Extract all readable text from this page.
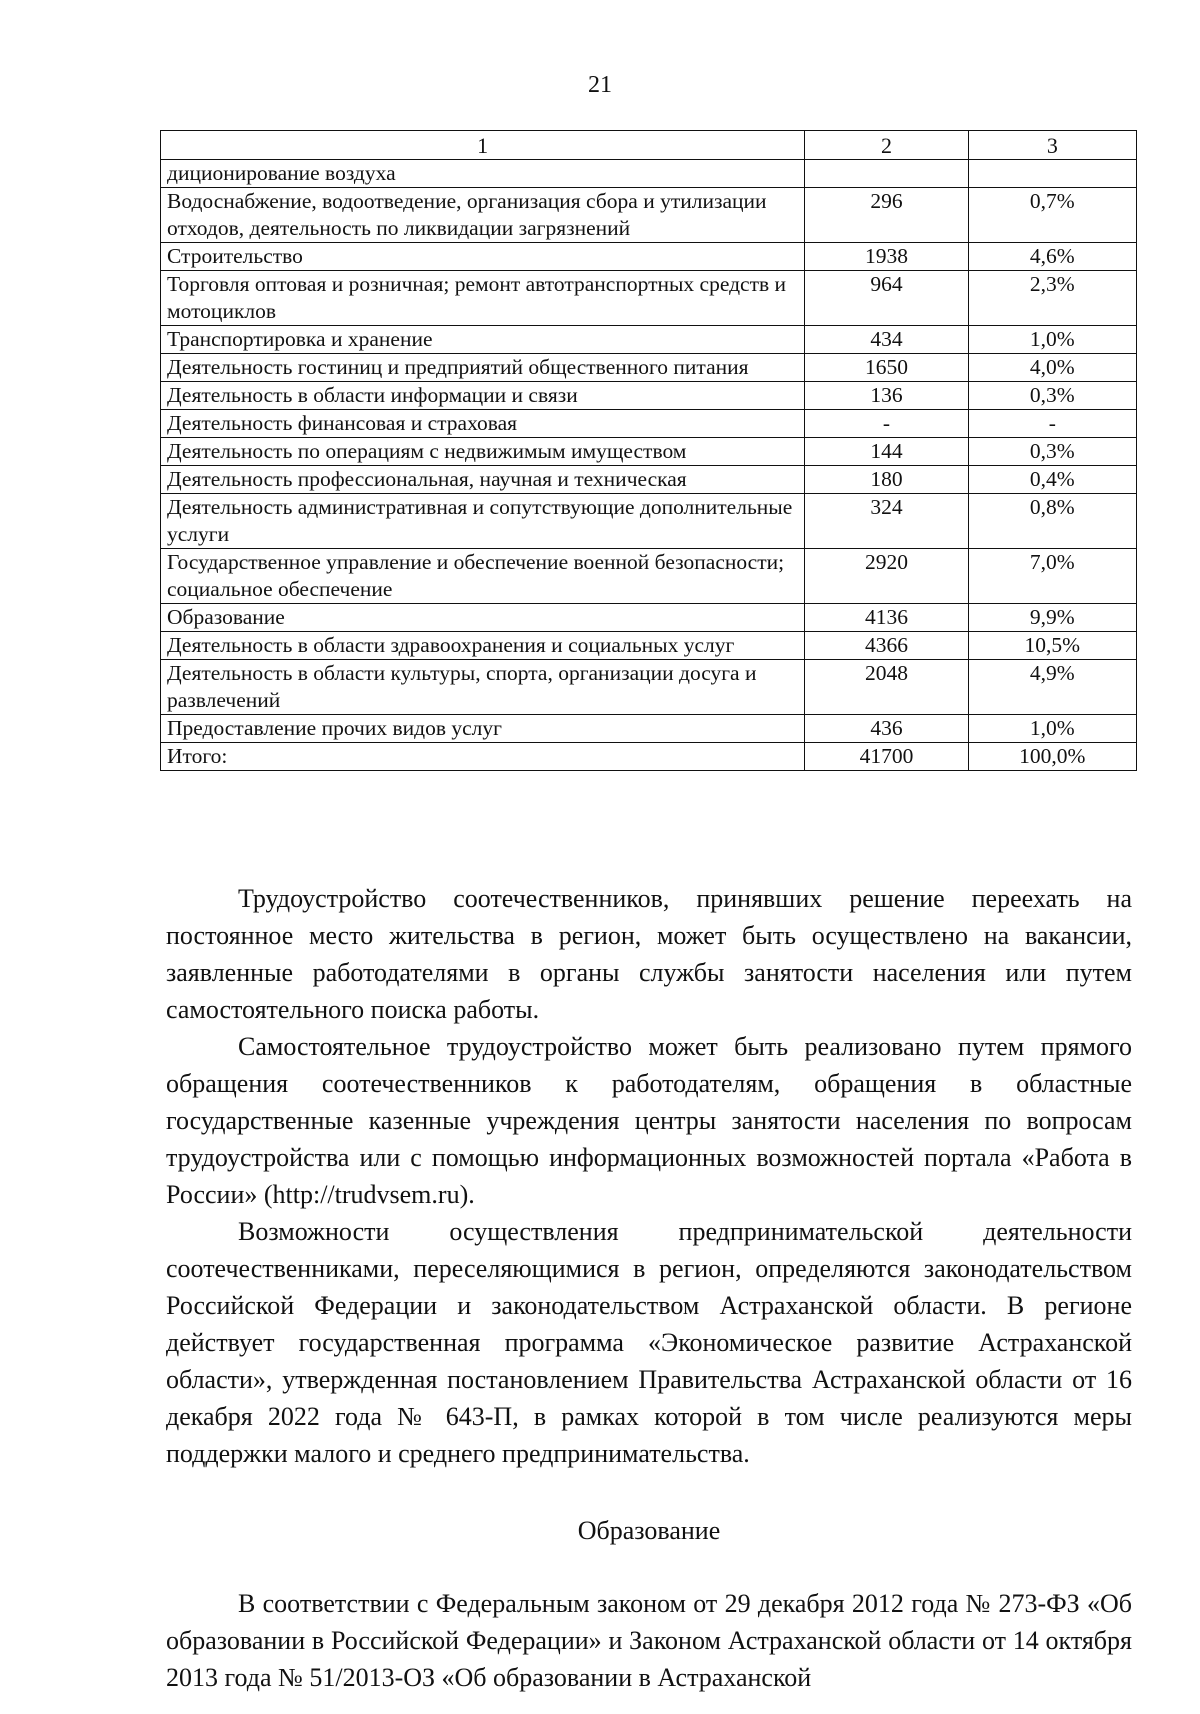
21
1	2	3
диционирование воздуха		
Водоснабжение, водоотведение, организация сбора и утилизации отходов, деятельность по ликвидации загрязнений	296	0,7%
Строительство	1938	4,6%
Торговля оптовая и розничная; ремонт автотранспортных средств и мотоциклов	964	2,3%
Транспортировка и хранение	434	1,0%
Деятельность гостиниц и предприятий общественного питания	1650	4,0%
Деятельность в области информации и связи	136	0,3%
Деятельность финансовая и страховая	-	-
Деятельность по операциям с недвижимым имуществом	144	0,3%
Деятельность профессиональная, научная и техническая	180	0,4%
Деятельность административная и сопутствующие дополнительные услуги	324	0,8%
Государственное управление и обеспечение военной безопасности; социальное обеспечение	2920	7,0%
Образование	4136	9,9%
Деятельность в области здравоохранения и социальных услуг	4366	10,5%
Деятельность в области культуры, спорта, организации досуга и развлечений	2048	4,9%
Предоставление прочих видов услуг	436	1,0%
Итого:	41700	100,0%

Трудоустройство соотечественников, принявших решение переехать на постоянное место жительства в регион, может быть осуществлено на вакансии, заявленные работодателями в органы службы занятости населения или путем самостоятельного поиска работы.

Самостоятельное трудоустройство может быть реализовано путем прямого обращения соотечественников к работодателям, обращения в областные государственные казенные учреждения центры занятости населения по вопросам трудоустройства или с помощью информационных возможностей портала «Работа в России» (http://trudvsem.ru).

Возможности осуществления предпринимательской деятельности соотечественниками, переселяющимися в регион, определяются законодательством Российской Федерации и законодательством Астраханской области. В регионе действует государственная программа «Экономическое развитие Астраханской области», утвержденная постановлением Правительства Астраханской области от 16 декабря 2022 года № 643-П, в рамках которой в том числе реализуются меры поддержки малого и среднего предпринимательства.

Образование

В соответствии с Федеральным законом от 29 декабря 2012 года № 273-ФЗ «Об образовании в Российской Федерации» и Законом Астраханской области от 14 октября 2013 года № 51/2013-ОЗ «Об образовании в Астраханской
